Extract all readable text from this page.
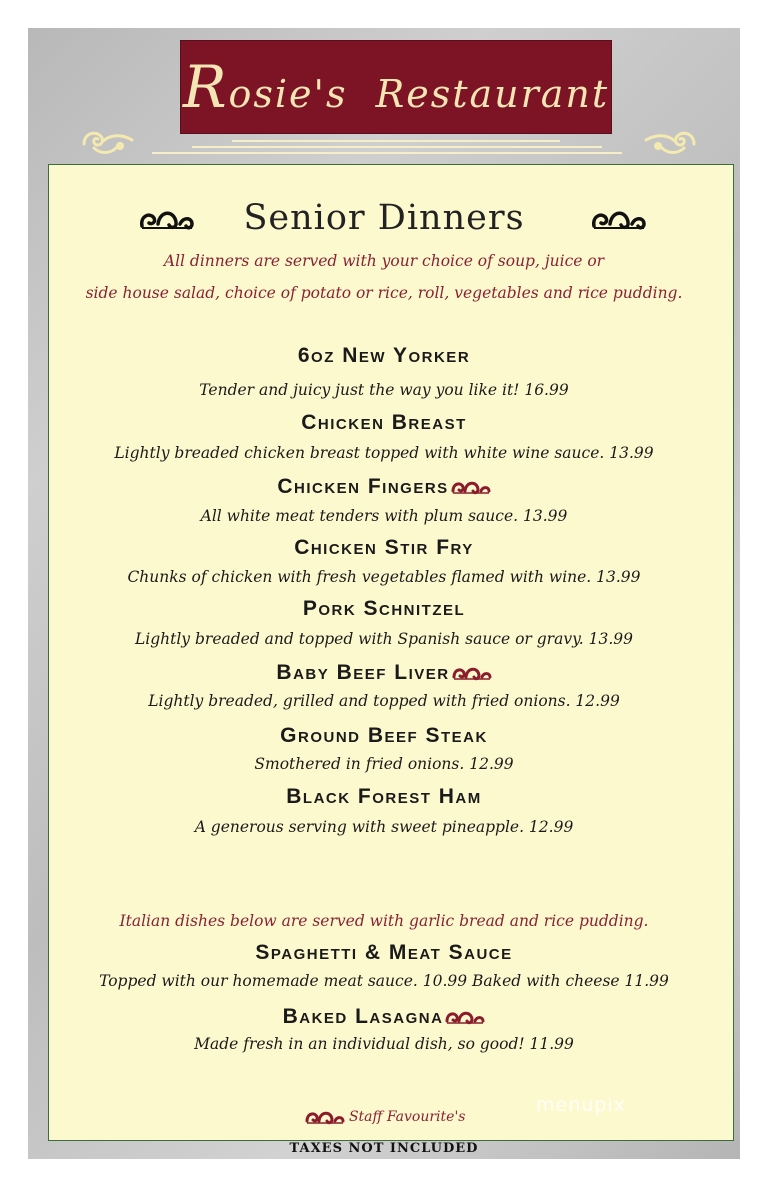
Rosie's  Restaurant
Senior Dinners
All dinners are served with your choice of soup, juice or
side house salad, choice of potato or rice, roll, vegetables and rice pudding.
6oz New Yorker
Tender and juicy just the way you like it! 16.99
Chicken Breast
Lightly breaded chicken breast topped with white wine sauce. 13.99
Chicken Fingers
All white meat tenders with plum sauce. 13.99
Chicken Stir Fry
Chunks of chicken with fresh vegetables flamed with wine. 13.99
Pork Schnitzel
Lightly breaded and topped with Spanish sauce or gravy. 13.99
Baby Beef Liver
Lightly breaded, grilled and topped with fried onions. 12.99
Ground Beef Steak
Smothered in fried onions. 12.99
Black Forest Ham
A generous serving with sweet pineapple. 12.99
Italian dishes below are served with garlic bread and rice pudding.
Spaghetti & Meat Sauce
Topped with our homemade meat sauce. 10.99 Baked with cheese 11.99
Baked Lasagna
Made fresh in an individual dish, so good! 11.99
Staff Favourite's
menupix
TAXES NOT INCLUDED
